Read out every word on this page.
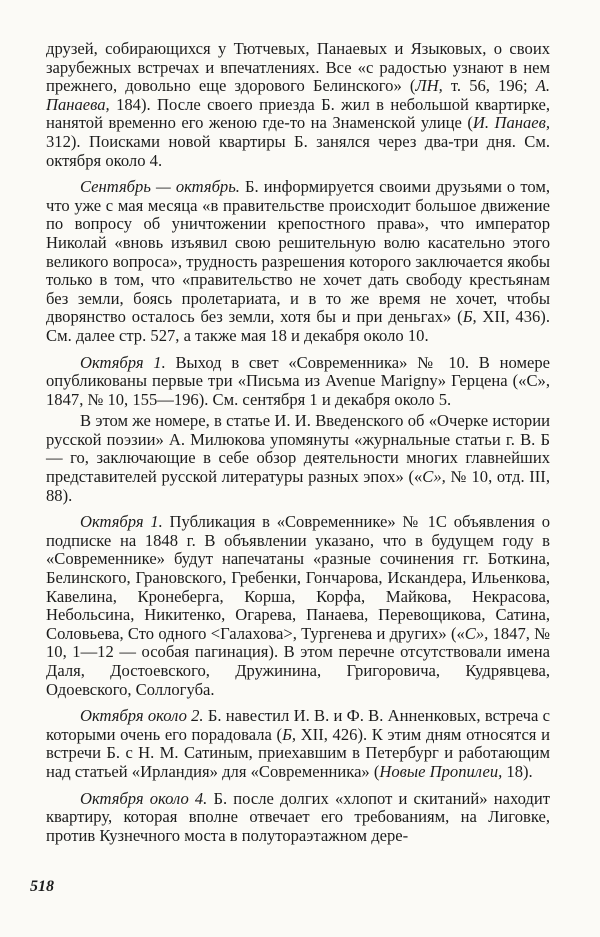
друзей, собирающихся у Тютчевых, Панаевых и Языковых, о своих зарубежных встречах и впечатлениях. Все «с радостью узнают в нем прежнего, довольно еще здорового Белинского» (ЛН, т. 56, 196; А. Панаева, 184). После своего приезда Б. жил в небольшой квартирке, нанятой временно его женою где-то на Знаменской улице (И. Панаев, 312). Поисками новой квартиры Б. занялся через два-три дня. См. октября около 4.

Сентябрь — октябрь. Б. информируется своими друзьями о том, что уже с мая месяца «в правительстве происходит большое движение по вопросу об уничтожении крепостного права», что император Николай «вновь изъявил свою решительную волю касательно этого великого вопроса», трудность разрешения которого заключается якобы только в том, что «правительство не хочет дать свободу крестьянам без земли, боясь пролетариата, и в то же время не хочет, чтобы дворянство осталось без земли, хотя бы и при деньгах» (Б, XII, 436). См. далее стр. 527, а также мая 18 и декабря около 10.

Октября 1. Выход в свет «Современника» № 10. В номере опубликованы первые три «Письма из Avenue Marigny» Герцена («С», 1847, № 10, 155—196). См. сентября 1 и декабря около 5.

В этом же номере, в статье И. И. Введенского об «Очерке истории русской поэзии» А. Милюкова упомянуты «журнальные статьи г. В. Б — го, заключающие в себе обзор деятельности многих главнейших представителей русской литературы разных эпох» («С», № 10, отд. III, 88).

Октября 1. Публикация в «Современнике» № 1С объявления о подписке на 1848 г. В объявлении указано, что в будущем году в «Современнике» будут напечатаны «разные сочинения гг. Боткина, Белинского, Грановского, Гребенки, Гончарова, Искандера, Ильенкова, Кавелина, Кронеберга, Корша, Корфа, Майкова, Некрасова, Небольсина, Никитенко, Огарева, Панаева, Перевощикова, Сатина, Соловьева, Сто одного <Галахова>, Тургенева и других» («С», 1847, № 10, 1—12 — особая пагинация). В этом перечне отсутствовали имена Даля, Достоевского, Дружинина, Григоровича, Кудрявцева, Одоевского, Соллогуба.

Октября около 2. Б. навестил И. В. и Ф. В. Анненковых, встреча с которыми очень его порадовала (Б, XII, 426). К этим дням относятся и встречи Б. с Н. М. Сатиным, приехавшим в Петербург и работающим над статьей «Ирландия» для «Современника» (Новые Пропилеи, 18).

Октября около 4. Б. после долгих «хлопот и скитаний» находит квартиру, которая вполне отвечает его требованиям, на Лиговке, против Кузнечного моста в полутораэтажном дере-

518
